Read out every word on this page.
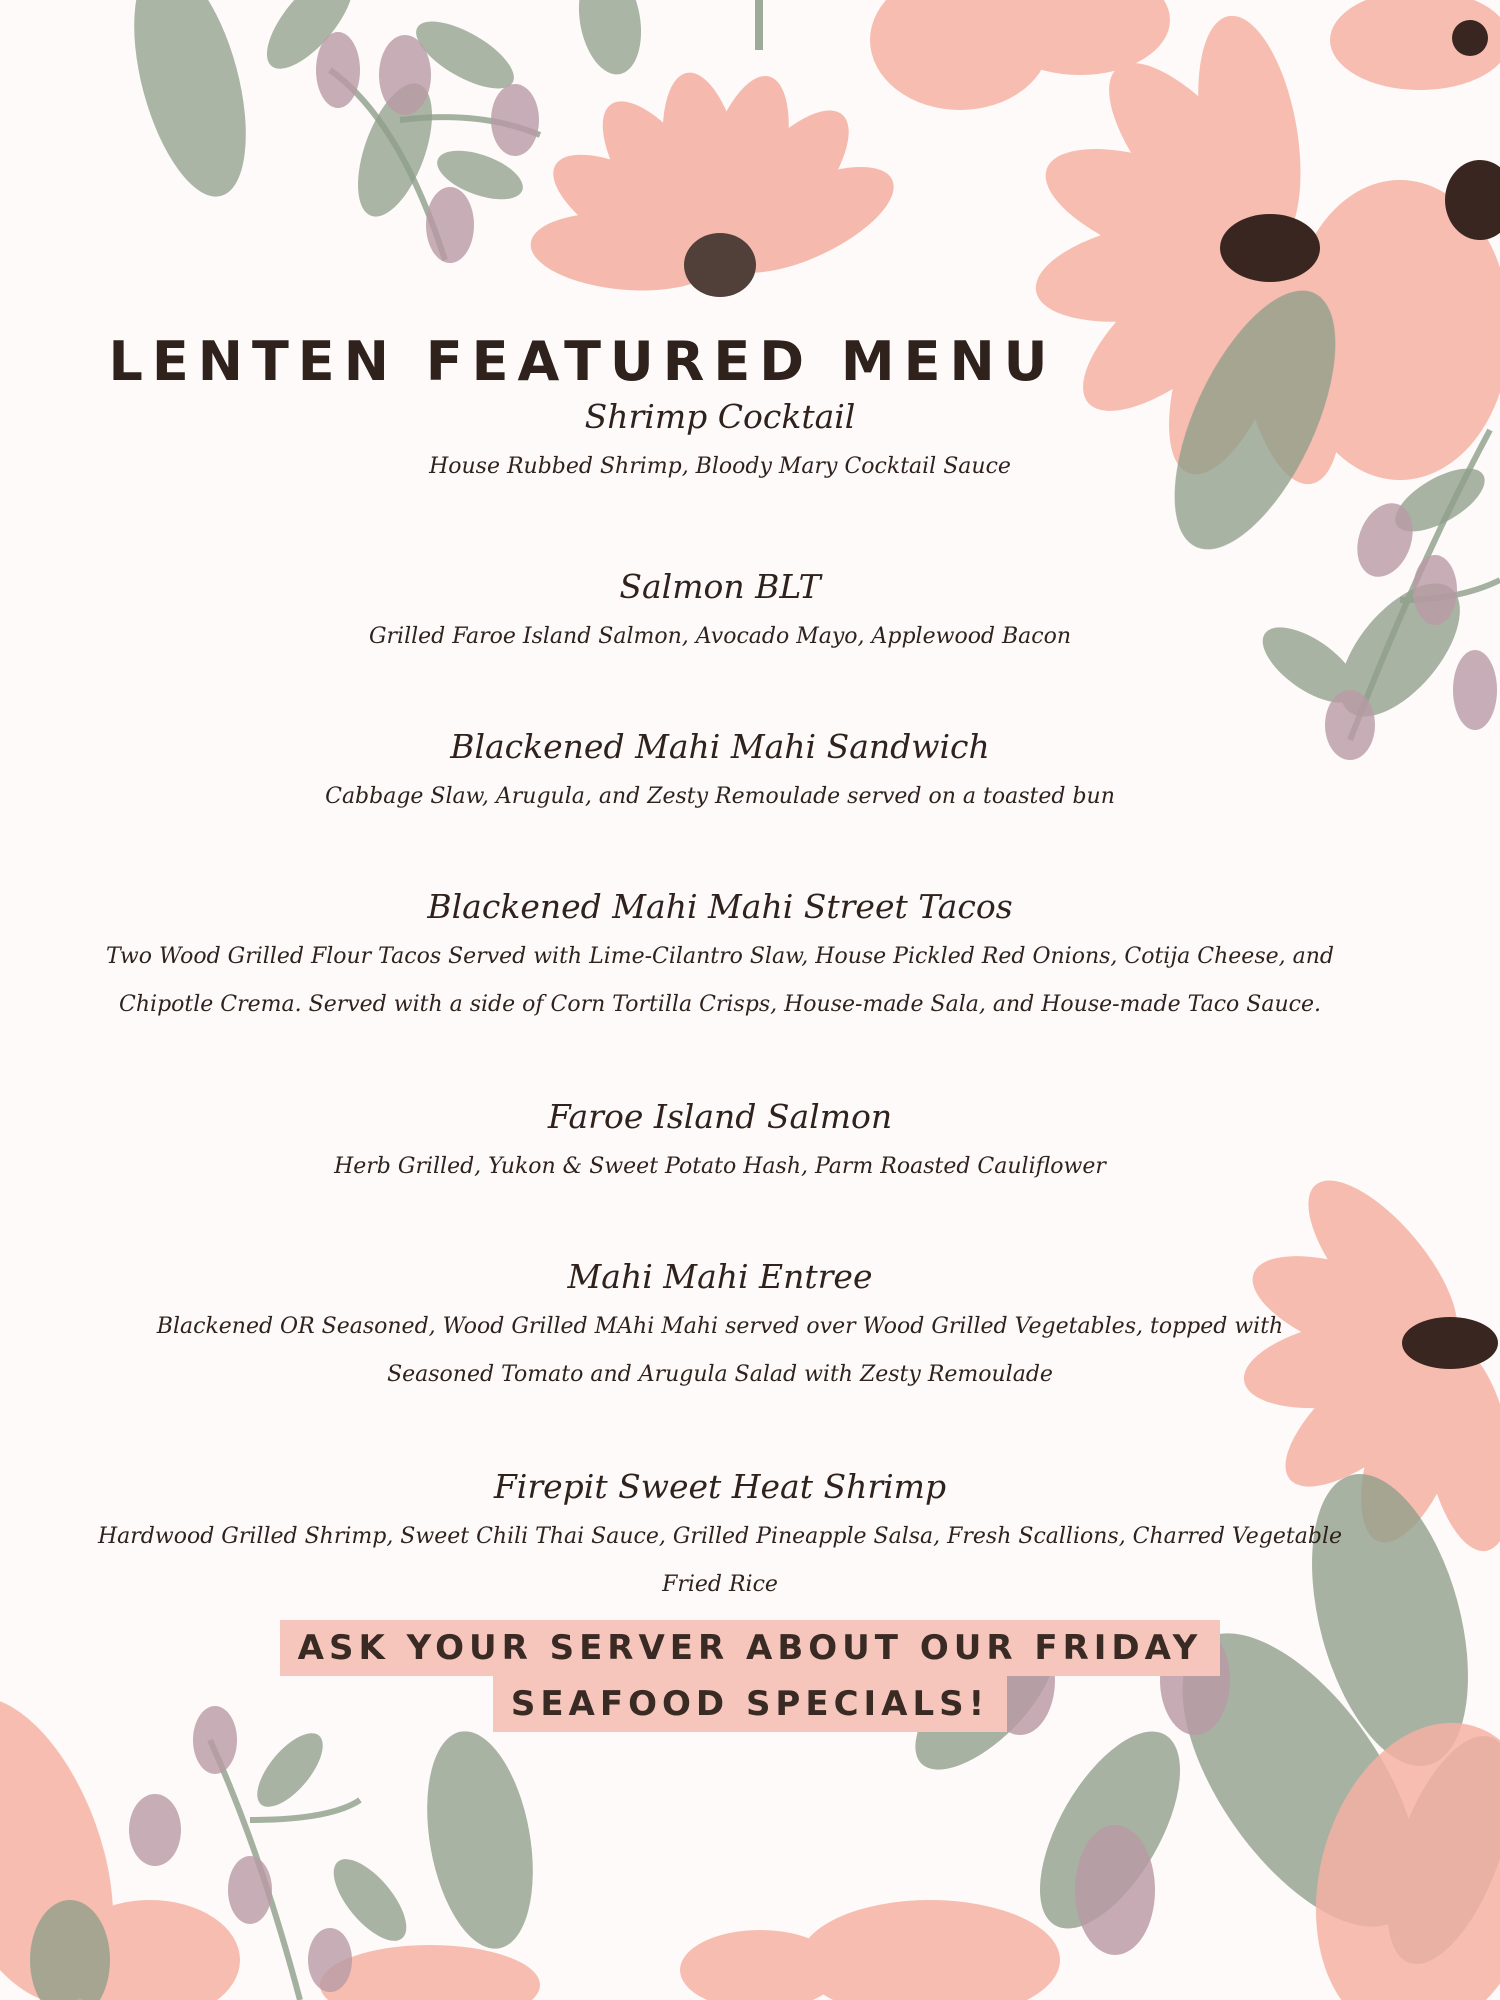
LENTEN FEATURED MENU

Shrimp Cocktail

House Rubbed Shrimp, Bloody Mary Cocktail Sauce

Salmon BLT

Grilled Faroe Island Salmon, Avocado Mayo, Applewood Bacon

Blackened Mahi Mahi Sandwich

Cabbage Slaw, Arugula, and Zesty Remoulade served on a toasted bun

Blackened Mahi Mahi Street Tacos

Two Wood Grilled Flour Tacos Served with Lime-Cilantro Slaw, House Pickled Red Onions, Cotija Cheese, and Chipotle Crema. Served with a side of Corn Tortilla Crisps, House-made Sala, and House-made Taco Sauce.

Faroe Island Salmon

Herb Grilled, Yukon & Sweet Potato Hash, Parm Roasted Cauliflower

Mahi Mahi Entree

Blackened OR Seasoned, Wood Grilled MAhi Mahi served over Wood Grilled Vegetables, topped with Seasoned Tomato and Arugula Salad with Zesty Remoulade

Firepit Sweet Heat Shrimp

Hardwood Grilled Shrimp, Sweet Chili Thai Sauce, Grilled Pineapple Salsa, Fresh Scallions, Charred Vegetable Fried Rice

ASK YOUR SERVER ABOUT OUR FRIDAY
SEAFOOD SPECIALS!
